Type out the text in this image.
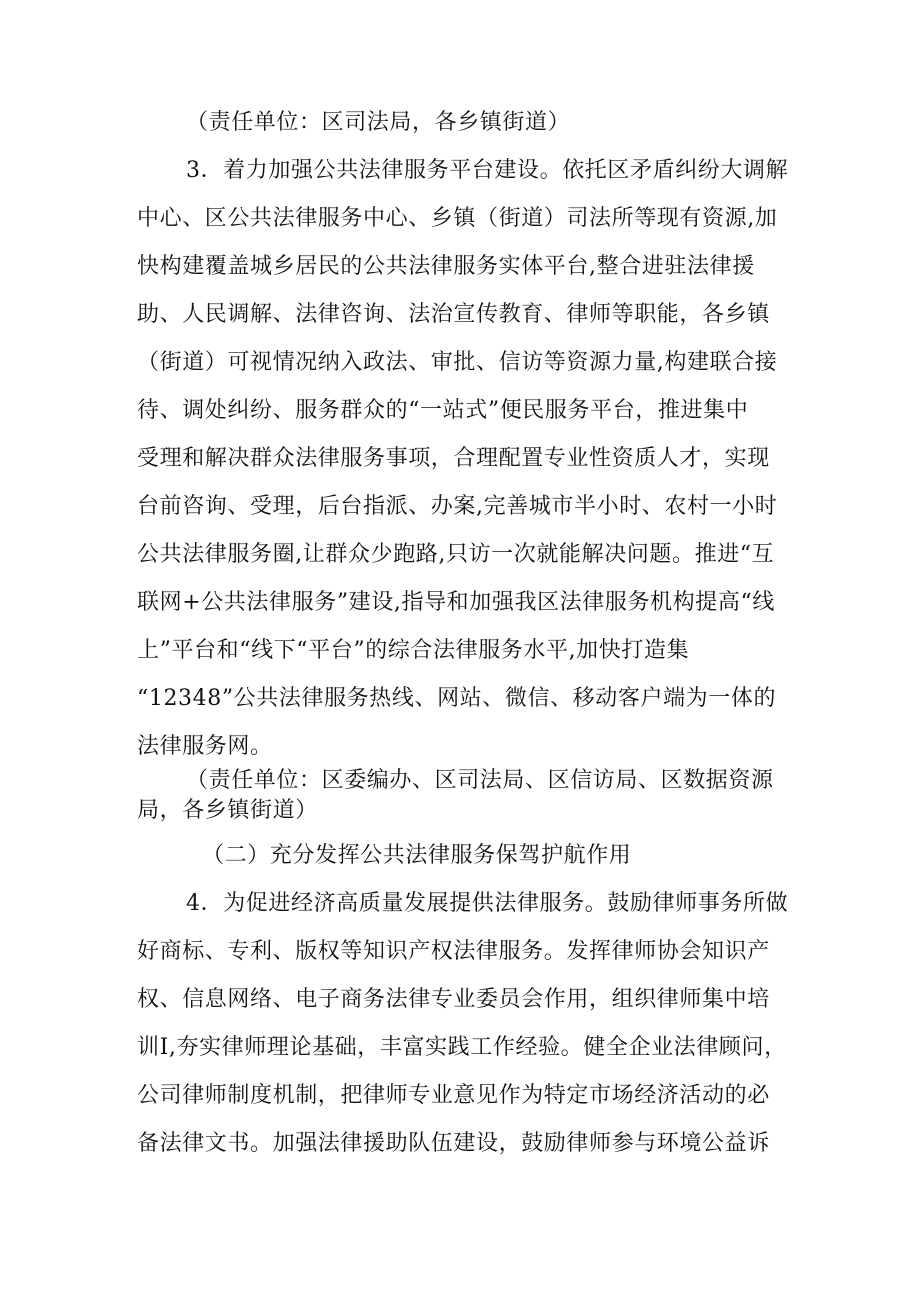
（责任单位：区司法局，各乡镇街道）

3．着力加强公共法律服务平台建设。依托区矛盾纠纷大调解

中心、区公共法律服务中心、乡镇（街道）司法所等现有资源,加

快构建覆盖城乡居民的公共法律服务实体平台,整合进驻法律援

助、人民调解、法律咨询、法治宣传教育、律师等职能，各乡镇

（街道）可视情况纳入政法、审批、信访等资源力量,构建联合接

待、调处纠纷、服务群众的“一站式”便民服务平台，推进集中

受理和解决群众法律服务事项，合理配置专业性资质人才，实现

台前咨询、受理，后台指派、办案,完善城市半小时、农村一小时

公共法律服务圈,让群众少跑路,只访一次就能解决问题。推进“互

联网+公共法律服务”建设,指导和加强我区法律服务机构提高“线

上”平台和“线下“平台”的综合法律服务水平,加快打造集

“12348”公共法律服务热线、网站、微信、移动客户端为一体的

法律服务网。

（责任单位：区委编办、区司法局、区信访局、区数据资源

局，各乡镇街道）

（二）充分发挥公共法律服务保驾护航作用

4．为促进经济高质量发展提供法律服务。鼓励律师事务所做

好商标、专利、版权等知识产权法律服务。发挥律师协会知识产

权、信息网络、电子商务法律专业委员会作用，组织律师集中培

训I,夯实律师理论基础，丰富实践工作经验。健全企业法律顾问，

公司律师制度机制，把律师专业意见作为特定市场经济活动的必

备法律文书。加强法律援助队伍建设，鼓励律师参与环境公益诉
